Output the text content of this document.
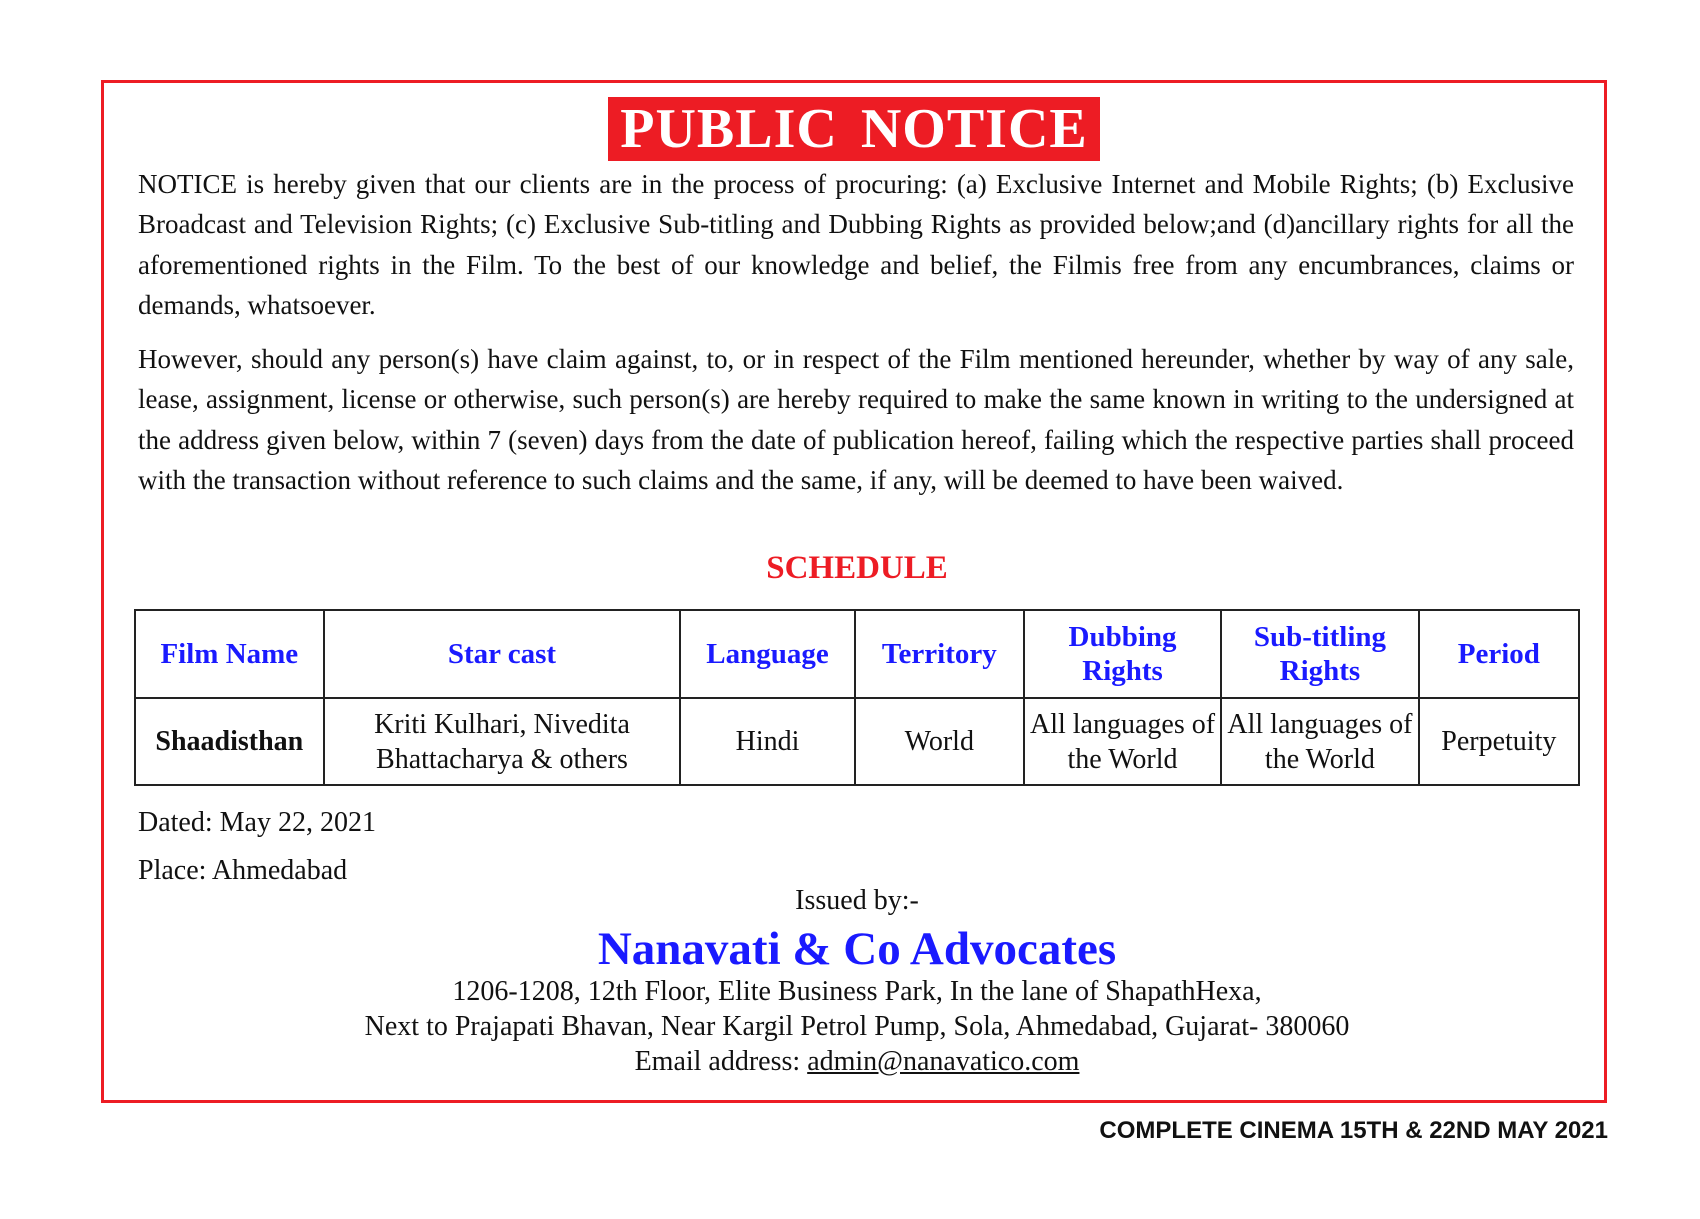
PUBLIC NOTICE

NOTICE is hereby given that our clients are in the process of procuring: (a) Exclusive Internet and Mobile Rights; (b) Exclusive Broadcast and Television Rights; (c) Exclusive Sub-titling and Dubbing Rights as provided below;and (d)ancillary rights for all the aforementioned rights in the Film. To the best of our knowledge and belief, the Filmis free from any encumbrances, claims or demands, whatsoever.

However, should any person(s) have claim against, to, or in respect of the Film mentioned hereunder, whether by way of any sale, lease, assignment, license or otherwise, such person(s) are hereby required to make the same known in writing to the undersigned at the address given below, within 7 (seven) days from the date of publication hereof, failing which the respective parties shall proceed with the transaction without reference to such claims and the same, if any, will be deemed to have been waived.

SCHEDULE
Film Name	Star cast	Language	Territory	Dubbing Rights	Sub-titling Rights	Period
Shaadisthan	Kriti Kulhari, Nivedita Bhattacharya & others	Hindi	World	All languages of the World	All languages of the World	Perpetuity

Dated: May 22, 2021

Place: Ahmedabad

Issued by:-
Nanavati & Co Advocates
1206-1208, 12th Floor, Elite Business Park, In the lane of ShapathHexa,
Next to Prajapati Bhavan, Near Kargil Petrol Pump, Sola, Ahmedabad, Gujarat- 380060
Email address: admin@nanavatico.com
COMPLETE CINEMA 15TH & 22ND MAY 2021
